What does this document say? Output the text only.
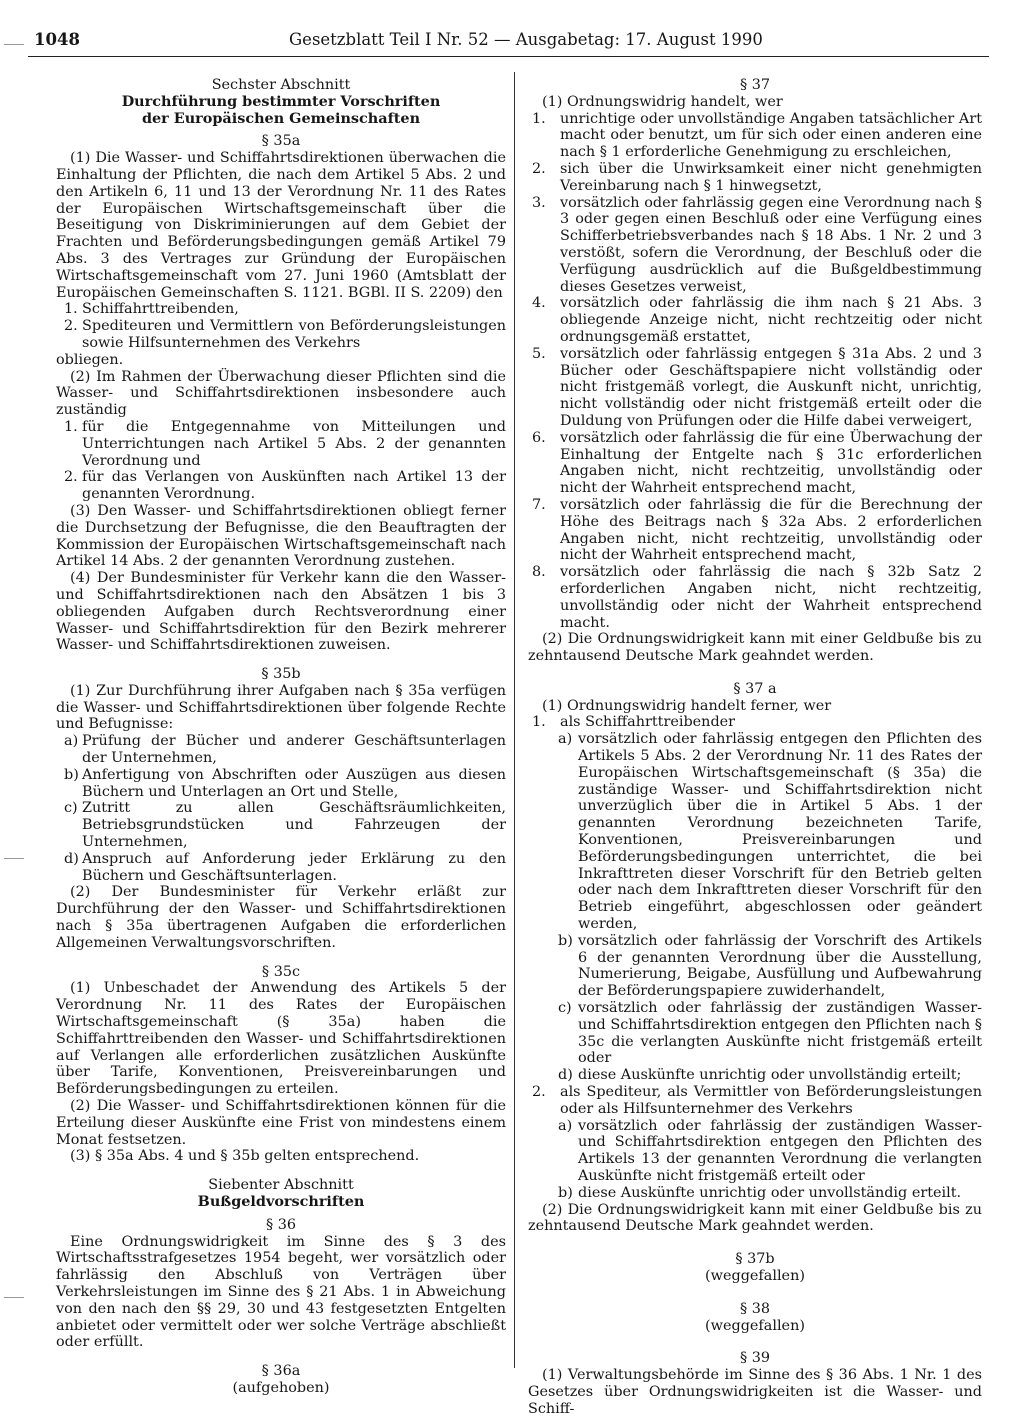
1048	Gesetzblatt Teil I Nr. 52 — Ausgabetag: 17. August 1990

Sechster Abschnitt

Durchführung bestimmter Vorschriften

der Europäischen Gemeinschaften

§ 35a

(1) Die Wasser- und Schiffahrtsdirektionen überwachen die Einhaltung der Pflichten, die nach dem Artikel 5 Abs. 2 und den Artikeln 6, 11 und 13 der Verordnung Nr. 11 des Rates der Europäischen Wirtschaftsgemeinschaft über die Beseitigung von Diskriminierungen auf dem Gebiet der Frachten und Beförderungsbedingungen gemäß Artikel 79 Abs. 3 des Vertrages zur Gründung der Europäischen Wirtschaftsgemeinschaft vom 27. Juni 1960 (Amtsblatt der Europäischen Gemeinschaften S. 1121. BGBl. II S. 2209) den

1. Schiffahrttreibenden,
2. Spediteuren und Vermittlern von Beförderungsleistungen sowie Hilfsunternehmen des Verkehrs

obliegen.

(2) Im Rahmen der Überwachung dieser Pflichten sind die Wasser- und Schiffahrtsdirektionen insbesondere auch zuständig

1. für die Entgegennahme von Mitteilungen und Unterrichtungen nach Artikel 5 Abs. 2 der genannten Verordnung und
2. für das Verlangen von Auskünften nach Artikel 13 der genannten Verordnung.

(3) Den Wasser- und Schiffahrtsdirektionen obliegt ferner die Durchsetzung der Befugnisse, die den Beauftragten der Kommission der Europäischen Wirtschaftsgemeinschaft nach Artikel 14 Abs. 2 der genannten Verordnung zustehen.

(4) Der Bundesminister für Verkehr kann die den Wasser- und Schiffahrtsdirektionen nach den Absätzen 1 bis 3 obliegenden Aufgaben durch Rechtsverordnung einer Wasser- und Schiffahrtsdirektion für den Bezirk mehrerer Wasser- und Schiffahrtsdirektionen zuweisen.

§ 35b

(1) Zur Durchführung ihrer Aufgaben nach § 35a verfügen die Wasser- und Schiffahrtsdirektionen über folgende Rechte und Befugnisse:

a) Prüfung der Bücher und anderer Geschäftsunterlagen der Unternehmen,
b) Anfertigung von Abschriften oder Auszügen aus diesen Büchern und Unterlagen an Ort und Stelle,
c) Zutritt zu allen Geschäftsräumlichkeiten, Betriebsgrundstücken und Fahrzeugen der Unternehmen,
d) Anspruch auf Anforderung jeder Erklärung zu den Büchern und Geschäftsunterlagen.

(2) Der Bundesminister für Verkehr erläßt zur Durchführung der den Wasser- und Schiffahrtsdirektionen nach § 35a übertragenen Aufgaben die erforderlichen Allgemeinen Verwaltungsvorschriften.

§ 35c

(1) Unbeschadet der Anwendung des Artikels 5 der Verordnung Nr. 11 des Rates der Europäischen Wirtschaftsgemeinschaft (§ 35a) haben die Schiffahrttreibenden den Wasser- und Schiffahrtsdirektionen auf Verlangen alle erforderlichen zusätzlichen Auskünfte über Tarife, Konventionen, Preisvereinbarungen und Beförderungsbedingungen zu erteilen.

(2) Die Wasser- und Schiffahrtsdirektionen können für die Erteilung dieser Auskünfte eine Frist von mindestens einem Monat festsetzen.

(3) § 35a Abs. 4 und § 35b gelten entsprechend.

Siebenter Abschnitt

Bußgeldvorschriften

§ 36

Eine Ordnungswidrigkeit im Sinne des § 3 des Wirtschaftsstrafgesetzes 1954 begeht, wer vorsätzlich oder fahrlässig den Abschluß von Verträgen über Verkehrsleistungen im Sinne des § 21 Abs. 1 in Abweichung von den nach den §§ 29, 30 und 43 festgesetzten Entgelten anbietet oder vermittelt oder wer solche Verträge abschließt oder erfüllt.

§ 36a

(aufgehoben)

§ 37

(1) Ordnungswidrig handelt, wer

1. unrichtige oder unvollständige Angaben tatsächlicher Art macht oder benutzt, um für sich oder einen anderen eine nach § 1 erforderliche Genehmigung zu erschleichen,
2. sich über die Unwirksamkeit einer nicht genehmigten Vereinbarung nach § 1 hinwegsetzt,
3. vorsätzlich oder fahrlässig gegen eine Verordnung nach § 3 oder gegen einen Beschluß oder eine Verfügung eines Schifferbetriebsverbandes nach § 18 Abs. 1 Nr. 2 und 3 verstößt, sofern die Verordnung, der Beschluß oder die Verfügung ausdrücklich auf die Bußgeldbestimmung dieses Gesetzes verweist,
4. vorsätzlich oder fahrlässig die ihm nach § 21 Abs. 3 obliegende Anzeige nicht, nicht rechtzeitig oder nicht ordnungsgemäß erstattet,
5. vorsätzlich oder fahrlässig entgegen § 31a Abs. 2 und 3 Bücher oder Geschäftspapiere nicht vollständig oder nicht fristgemäß vorlegt, die Auskunft nicht, unrichtig, nicht vollständig oder nicht fristgemäß erteilt oder die Duldung von Prüfungen oder die Hilfe dabei verweigert,
6. vorsätzlich oder fahrlässig die für eine Überwachung der Einhaltung der Entgelte nach § 31c erforderlichen Angaben nicht, nicht rechtzeitig, unvollständig oder nicht der Wahrheit entsprechend macht,
7. vorsätzlich oder fahrlässig die für die Berechnung der Höhe des Beitrags nach § 32a Abs. 2 erforderlichen Angaben nicht, nicht rechtzeitig, unvollständig oder nicht der Wahrheit entsprechend macht,
8. vorsätzlich oder fahrlässig die nach § 32b Satz 2 erforderlichen Angaben nicht, nicht rechtzeitig, unvollständig oder nicht der Wahrheit entsprechend macht.

(2) Die Ordnungswidrigkeit kann mit einer Geldbuße bis zu zehntausend Deutsche Mark geahndet werden.

§ 37 a

(1) Ordnungswidrig handelt ferner, wer

1. als Schiffahrttreibender
a) vorsätzlich oder fahrlässig entgegen den Pflichten des Artikels 5 Abs. 2 der Verordnung Nr. 11 des Rates der Europäischen Wirtschaftsgemeinschaft (§ 35a) die zuständige Wasser- und Schiffahrtsdirektion nicht unverzüglich über die in Artikel 5 Abs. 1 der genannten Verordnung bezeichneten Tarife, Konventionen, Preisvereinbarungen und Beförderungsbedingungen unterrichtet, die bei Inkrafttreten dieser Vorschrift für den Betrieb gelten oder nach dem Inkrafttreten dieser Vorschrift für den Betrieb eingeführt, abgeschlossen oder geändert werden,
b) vorsätzlich oder fahrlässig der Vorschrift des Artikels 6 der genannten Verordnung über die Ausstellung, Numerierung, Beigabe, Ausfüllung und Aufbewahrung der Beförderungspapiere zuwiderhandelt,
c) vorsätzlich oder fahrlässig der zuständigen Wasser- und Schiffahrtsdirektion entgegen den Pflichten nach § 35c die verlangten Auskünfte nicht fristgemäß erteilt oder
d) diese Auskünfte unrichtig oder unvollständig erteilt;
2. als Spediteur, als Vermittler von Beförderungsleistungen oder als Hilfsunternehmer des Verkehrs
a) vorsätzlich oder fahrlässig der zuständigen Wasser- und Schiffahrtsdirektion entgegen den Pflichten des Artikels 13 der genannten Verordnung die verlangten Auskünfte nicht fristgemäß erteilt oder
b) diese Auskünfte unrichtig oder unvollständig erteilt.

(2) Die Ordnungswidrigkeit kann mit einer Geldbuße bis zu zehntausend Deutsche Mark geahndet werden.

§ 37b

(weggefallen)

§ 38

(weggefallen)

§ 39

(1) Verwaltungsbehörde im Sinne des § 36 Abs. 1 Nr. 1 des Gesetzes über Ordnungswidrigkeiten ist die Wasser- und Schiff-
